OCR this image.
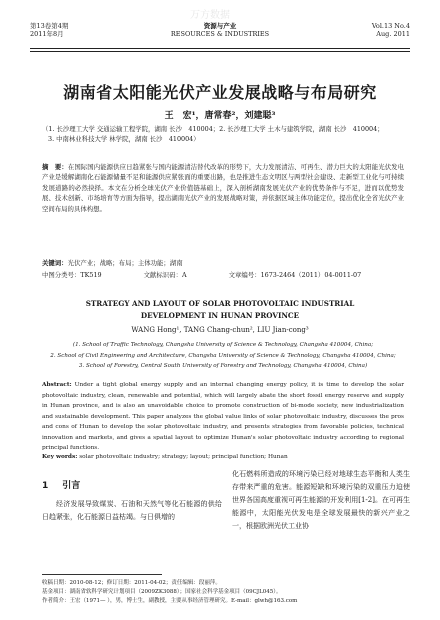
第13卷第4期
2011年8月
资源与产业
RESOURCES & INDUSTRIES
Vol.13 No.4
Aug. 2011
湖南省太阳能光伏产业发展战略与布局研究
王　宏¹，唐常春²，刘建聪³
（1. 长沙理工大学 交通运输工程学院，湖南 长沙　410004；2. 长沙理工大学 土木与建筑学院，湖南 长沙　410004；
3. 中南林业科技大学 林学院，湖南 长沙　410004）
摘　要：在国际国内能源供应日趋紧张与国内能源清洁替代改革的形势下，大力发展清洁、可再生、潜力巨大的太阳能光伏发电产业是缓解湖南化石能源储量不足和能源供应紧张面的重要出路，也是推进生态文明区与两型社会建设、走新型工业化与可持续发展道路的必然抉择。本文在分析全球光伏产业价值链基础上，深入剖析湖南发展光伏产业的优势条件与不足，进而以优势发展、技术创新、市场培育等方面为指导，提出湖南光伏产业的发展战略对策，并依据区域主体功能定位，提出优化全省光伏产业空间布局的具体构想。
关键词：光伏产业；战略；布局；主体功能；湖南
中图分类号：TK519	文献标识码：A	文章编号：1673-2464（2011）04-0011-07
STRATEGY AND LAYOUT OF SOLAR PHOTOVOLTAIC INDUSTRIAL
DEVELOPMENT IN HUNAN PROVINCE
WANG Hong¹, TANG Chang-chun², LIU Jian-cong³
(1. School of Traffic Technology, Changsha University of Science & Technology, Changsha 410004, China;
2. School of Civil Engineering and Architecture, Changsha University of Science & Technology, Changsha 410004, China;
3. School of Forestry, Central South University of Forestry and Technology, Changsha 410004, China)
Abstract: Under a tight global energy supply and an internal changing energy policy, it is time to develop the solar photovoltaic industry, clean, renewable and potential, which will largely abate the short fossil energy reserve and supply in Hunan province, and is also an unavoidable choice to promote construction of bi-mode society, new industrialization and sustainable development. This paper analyzes the global value links of solar photovoltaic industry, discusses the pros and cons of Hunan to develop the solar photovoltaic industry, and presents strategies from favorable policies, technical innovation and markets, and gives a spatial layout to optimize Hunan's solar photovoltaic industry according to regional principal functions.
Key words: solar photovoltaic industry; strategy; layout; principal function; Hunan
1 引言
经济发展导致煤炭、石油和天然气等化石能源的供给日趋紧张，化石能源日益枯竭。与日俱增的
化石燃料所造成的环境污染已经对地球生态平衡和人类生存带来严重的危害。能源短缺和环境污染的双重压力迫使世界各国高度重视可再生能源的开发利用[1-2]。在可再生能源中，太阳能光伏发电是全球发展最快的新兴产业之一，根据欧洲光伏工业协
收稿日期：2010-08-12；修订日期：2011-04-02；责任编辑：段丽萍。
基金项目：湖南省软科学研究计划项目（2009ZK3088）；国家社会科学基金项目（09CJL045）。
作者简介：王宏（1971— ），男，博士生，副教授，主要从事经济管理研究。E-mail：glwh@163.com
万方数据
